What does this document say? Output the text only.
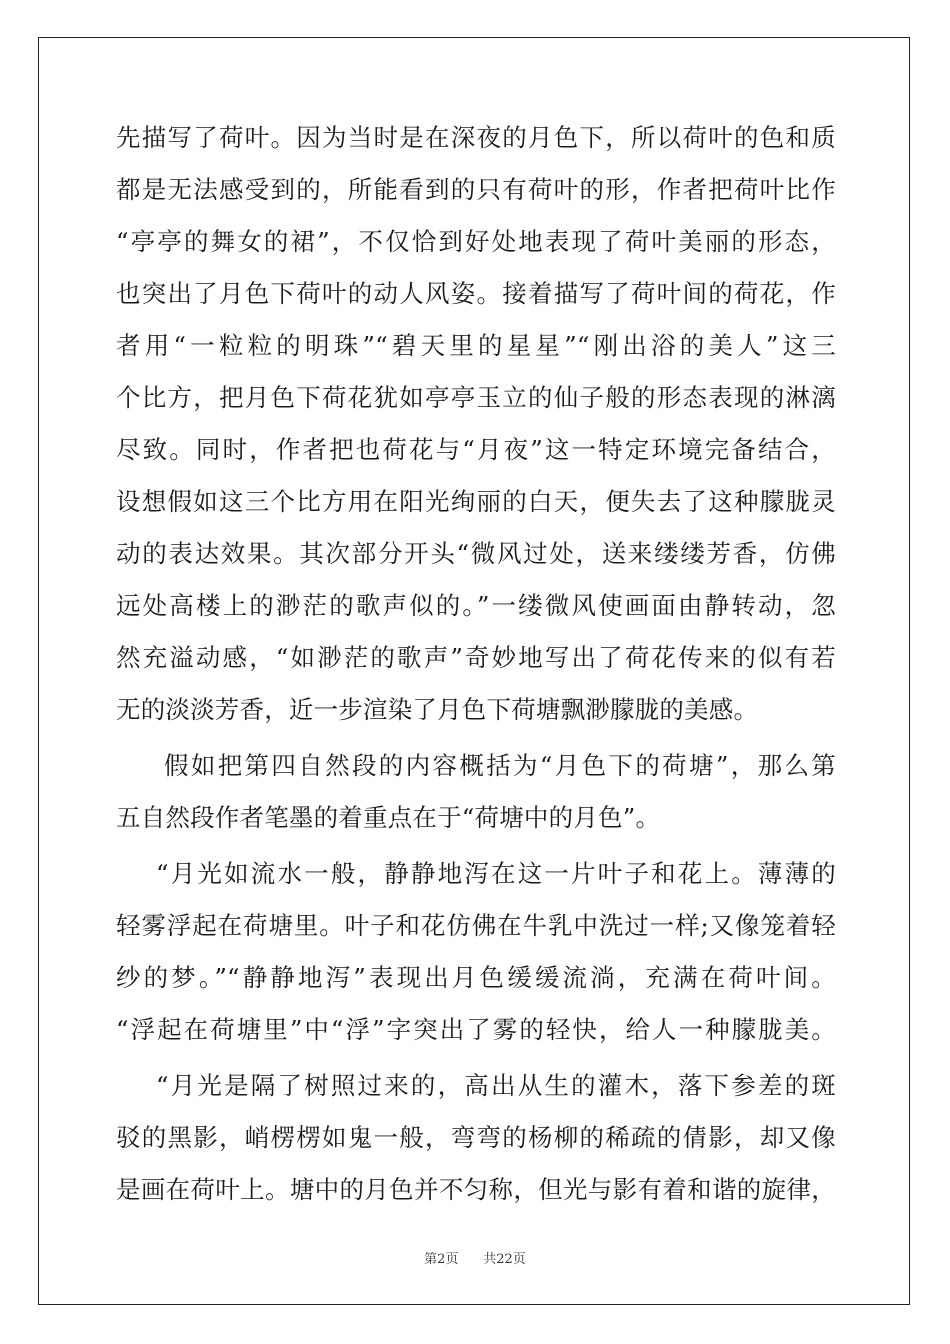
先描写了荷叶。因为当时是在深夜的月色下，所以荷叶的色和质
都是无法感受到的，所能看到的只有荷叶的形，作者把荷叶比作
“亭亭的舞女的裙”，不仅恰到好处地表现了荷叶美丽的形态，
也突出了月色下荷叶的动人风姿。接着描写了荷叶间的荷花，作
者用“一粒粒的明珠”“碧天里的星星”“刚出浴的美人”这三
个比方，把月色下荷花犹如亭亭玉立的仙子般的形态表现的淋漓
尽致。同时，作者把也荷花与“月夜”这一特定环境完备结合，
设想假如这三个比方用在阳光绚丽的白天，便失去了这种朦胧灵
动的表达效果。其次部分开头“微风过处，送来缕缕芳香，仿佛
远处高楼上的渺茫的歌声似的。”一缕微风使画面由静转动，忽
然充溢动感，“如渺茫的歌声”奇妙地写出了荷花传来的似有若
无的淡淡芳香，近一步渲染了月色下荷塘飘渺朦胧的美感。
假如把第四自然段的内容概括为“月色下的荷塘”，那么第
五自然段作者笔墨的着重点在于“荷塘中的月色”。
“月光如流水一般，静静地泻在这一片叶子和花上。薄薄的
轻雾浮起在荷塘里。叶子和花仿佛在牛乳中洗过一样;又像笼着轻
纱的梦。”“静静地泻”表现出月色缓缓流淌，充满在荷叶间。
“浮起在荷塘里”中“浮”字突出了雾的轻快，给人一种朦胧美。
“月光是隔了树照过来的，高出从生的灌木，落下参差的斑
驳的黑影，峭楞楞如鬼一般，弯弯的杨柳的稀疏的倩影，却又像
是画在荷叶上。塘中的月色并不匀称，但光与影有着和谐的旋律，
第2页 共22页
